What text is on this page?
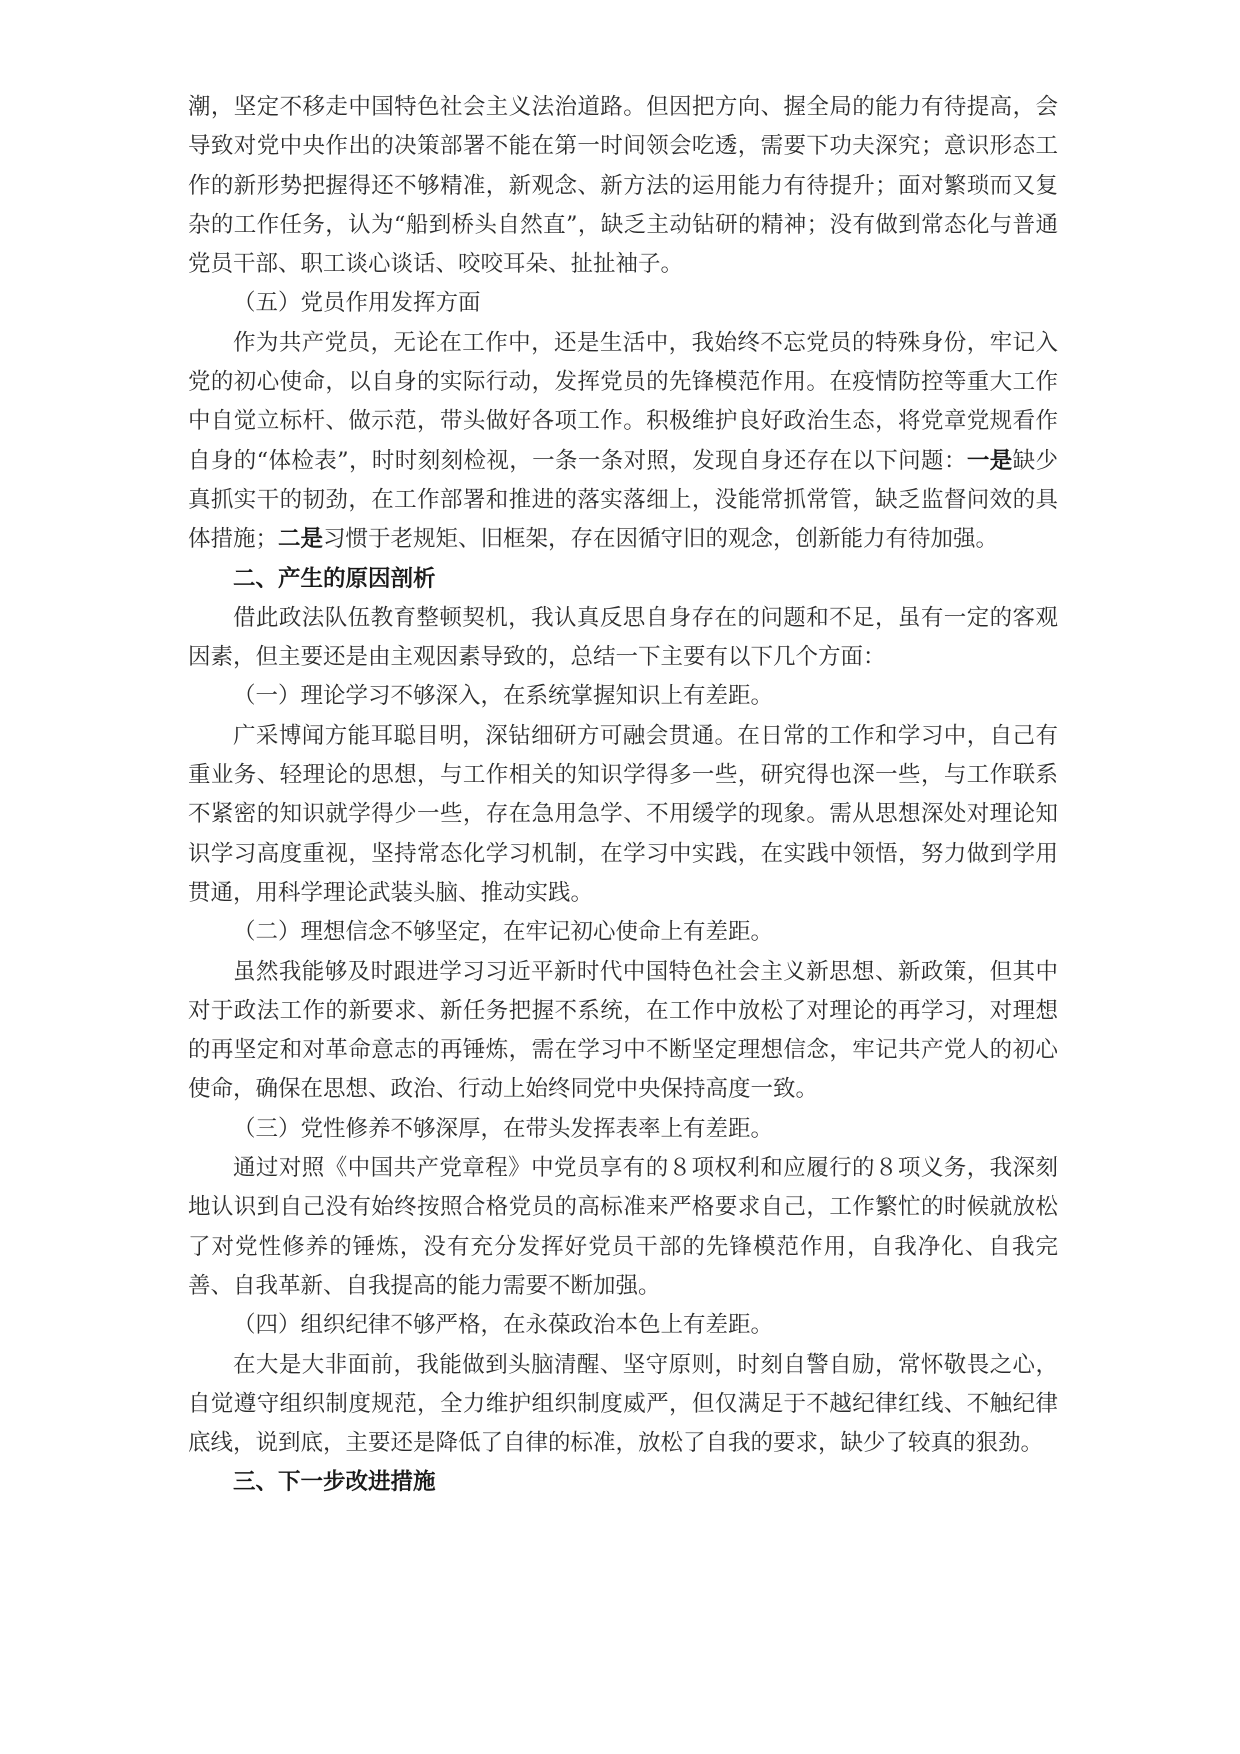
潮，坚定不移走中国特色社会主义法治道路。但因把方向、握全局的能力有待提高，会导致对党中央作出的决策部署不能在第一时间领会吃透，需要下功夫深究；意识形态工作的新形势把握得还不够精准，新观念、新方法的运用能力有待提升；面对繁琐而又复杂的工作任务，认为“船到桥头自然直”，缺乏主动钻研的精神；没有做到常态化与普通党员干部、职工谈心谈话、咬咬耳朵、扯扯袖子。

（五）党员作用发挥方面

作为共产党员，无论在工作中，还是生活中，我始终不忘党员的特殊身份，牢记入党的初心使命，以自身的实际行动，发挥党员的先锋模范作用。在疫情防控等重大工作中自觉立标杆、做示范，带头做好各项工作。积极维护良好政治生态，将党章党规看作自身的“体检表”，时时刻刻检视，一条一条对照，发现自身还存在以下问题：一是缺少真抓实干的韧劲，在工作部署和推进的落实落细上，没能常抓常管，缺乏监督问效的具体措施；二是习惯于老规矩、旧框架，存在因循守旧的观念，创新能力有待加强。

二、产生的原因剖析

借此政法队伍教育整顿契机，我认真反思自身存在的问题和不足，虽有一定的客观因素，但主要还是由主观因素导致的，总结一下主要有以下几个方面：

（一）理论学习不够深入，在系统掌握知识上有差距。

广采博闻方能耳聪目明，深钻细研方可融会贯通。在日常的工作和学习中，自己有重业务、轻理论的思想，与工作相关的知识学得多一些，研究得也深一些，与工作联系不紧密的知识就学得少一些，存在急用急学、不用缓学的现象。需从思想深处对理论知识学习高度重视，坚持常态化学习机制，在学习中实践，在实践中领悟，努力做到学用贯通，用科学理论武装头脑、推动实践。

（二）理想信念不够坚定，在牢记初心使命上有差距。

虽然我能够及时跟进学习习近平新时代中国特色社会主义新思想、新政策，但其中对于政法工作的新要求、新任务把握不系统，在工作中放松了对理论的再学习，对理想的再坚定和对革命意志的再锤炼，需在学习中不断坚定理想信念，牢记共产党人的初心使命，确保在思想、政治、行动上始终同党中央保持高度一致。

（三）党性修养不够深厚，在带头发挥表率上有差距。

通过对照《中国共产党章程》中党员享有的８项权利和应履行的８项义务，我深刻地认识到自己没有始终按照合格党员的高标准来严格要求自己，工作繁忙的时候就放松了对党性修养的锤炼，没有充分发挥好党员干部的先锋模范作用，自我净化、自我完善、自我革新、自我提高的能力需要不断加强。

（四）组织纪律不够严格，在永葆政治本色上有差距。

在大是大非面前，我能做到头脑清醒、坚守原则，时刻自警自励，常怀敬畏之心，自觉遵守组织制度规范，全力维护组织制度威严，但仅满足于不越纪律红线、不触纪律底线，说到底，主要还是降低了自律的标准，放松了自我的要求，缺少了较真的狠劲。

三、下一步改进措施
